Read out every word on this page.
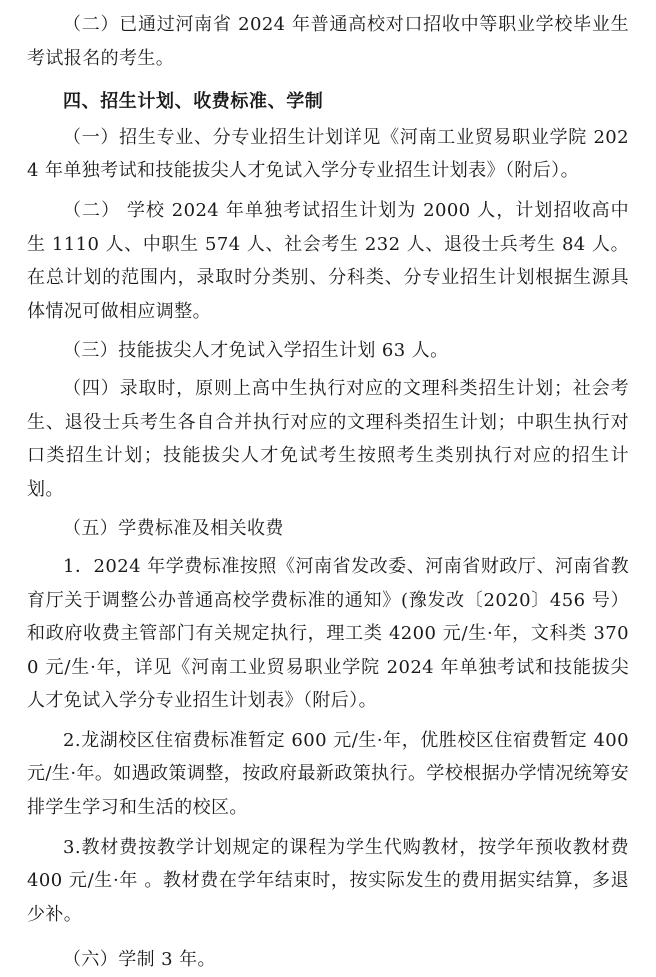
（二）已通过河南省 2024 年普通高校对口招收中等职业学校毕业生考试报名的考生。

四、招生计划、收费标准、学制

（一）招生专业、分专业招生计划详见《河南工业贸易职业学院 2024 年单独考试和技能拔尖人才免试入学分专业招生计划表》（附后）。

（二） 学校 2024 年单独考试招生计划为 2000 人，计划招收高中生 1110 人、中职生 574 人、社会考生 232 人、退役士兵考生 84 人。在总计划的范围内，录取时分类别、分科类、分专业招生计划根据生源具体情况可做相应调整。

（三）技能拔尖人才免试入学招生计划 63 人。

（四）录取时，原则上高中生执行对应的文理科类招生计划；社会考生、退役士兵考生各自合并执行对应的文理科类招生计划；中职生执行对口类招生计划；技能拔尖人才免试考生按照考生类别执行对应的招生计划。

（五）学费标准及相关收费

1．2024 年学费标准按照《河南省发改委、河南省财政厅、河南省教育厅关于调整公办普通高校学费标准的通知》(豫发改〔2020〕456 号）和政府收费主管部门有关规定执行，理工类 4200 元/生·年，文科类 3700 元/生·年，详见《河南工业贸易职业学院 2024 年单独考试和技能拔尖人才免试入学分专业招生计划表》（附后）。

2.龙湖校区住宿费标准暂定 600 元/生·年，优胜校区住宿费暂定 400 元/生·年。如遇政策调整，按政府最新政策执行。学校根据办学情况统筹安排学生学习和生活的校区。

3.教材费按教学计划规定的课程为学生代购教材，按学年预收教材费 400 元/生·年 。教材费在学年结束时，按实际发生的费用据实结算，多退少补。

（六）学制 3 年。
